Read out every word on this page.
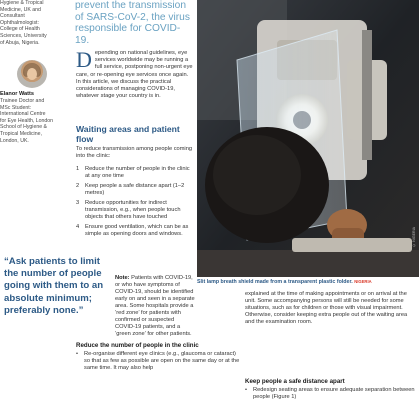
Hygiene & Tropical
Medicine, UK and
Consultant
Ophthalmologist:
College of Health
Sciences, University
of Abuja, Nigeria.
Elanor Watts
Trainee Doctor and
MSc Student:
International Centre
for Eye Health, London
School of Hygiene &
Tropical Medicine,
London, UK.
prevent the transmission
of SARS-CoV-2, the virus
responsible for COVID-19.
Depending on national guidelines, eye services worldwide may be running a full service, postponing non-urgent eye care, or re-opening eye services once again. In this article, we discuss the practical considerations of managing COVID-19, whatever stage your country is in.
Waiting areas and patient
flow
To reduce transmission among people coming into the clinic:
1 Reduce the number of people in the clinic at any one time
2 Keep people a safe distance apart (1–2 metres)
3 Reduce opportunities for indirect transmission, e.g., when people touch objects that others have touched
4 Ensure good ventilation, which can be as simple as opening doors and windows.
“Ask patients to limit the number of people going with them to an absolute minimum; preferably none.”
Note: Patients with COVID-19, or who have symptoms of COVID-19, should be identified early on and seen in a separate area. Some hospitals provide a ‘red zone’ for patients with confirmed or suspected COVID-19 patients, and a ‘green zone’ for other patients.
© NIGERIA
Slit lamp breath shield made from a transparent plastic folder. NIGERIA
explained at the time of making appointments or on arrival at the unit. Some accompanying persons will still be needed for some situations, such as for children or those with visual impairment. Otherwise, consider keeping extra people out of the waiting area and the examination room.
Reduce the number of people in the clinic
• Re-organise different eye clinics (e.g., glaucoma or cataract) so that as few as possible are open on the same day or at the same time. It may also help
Keep people a safe distance apart
• Redesign seating areas to ensure adequate separation between people (Figure 1)
